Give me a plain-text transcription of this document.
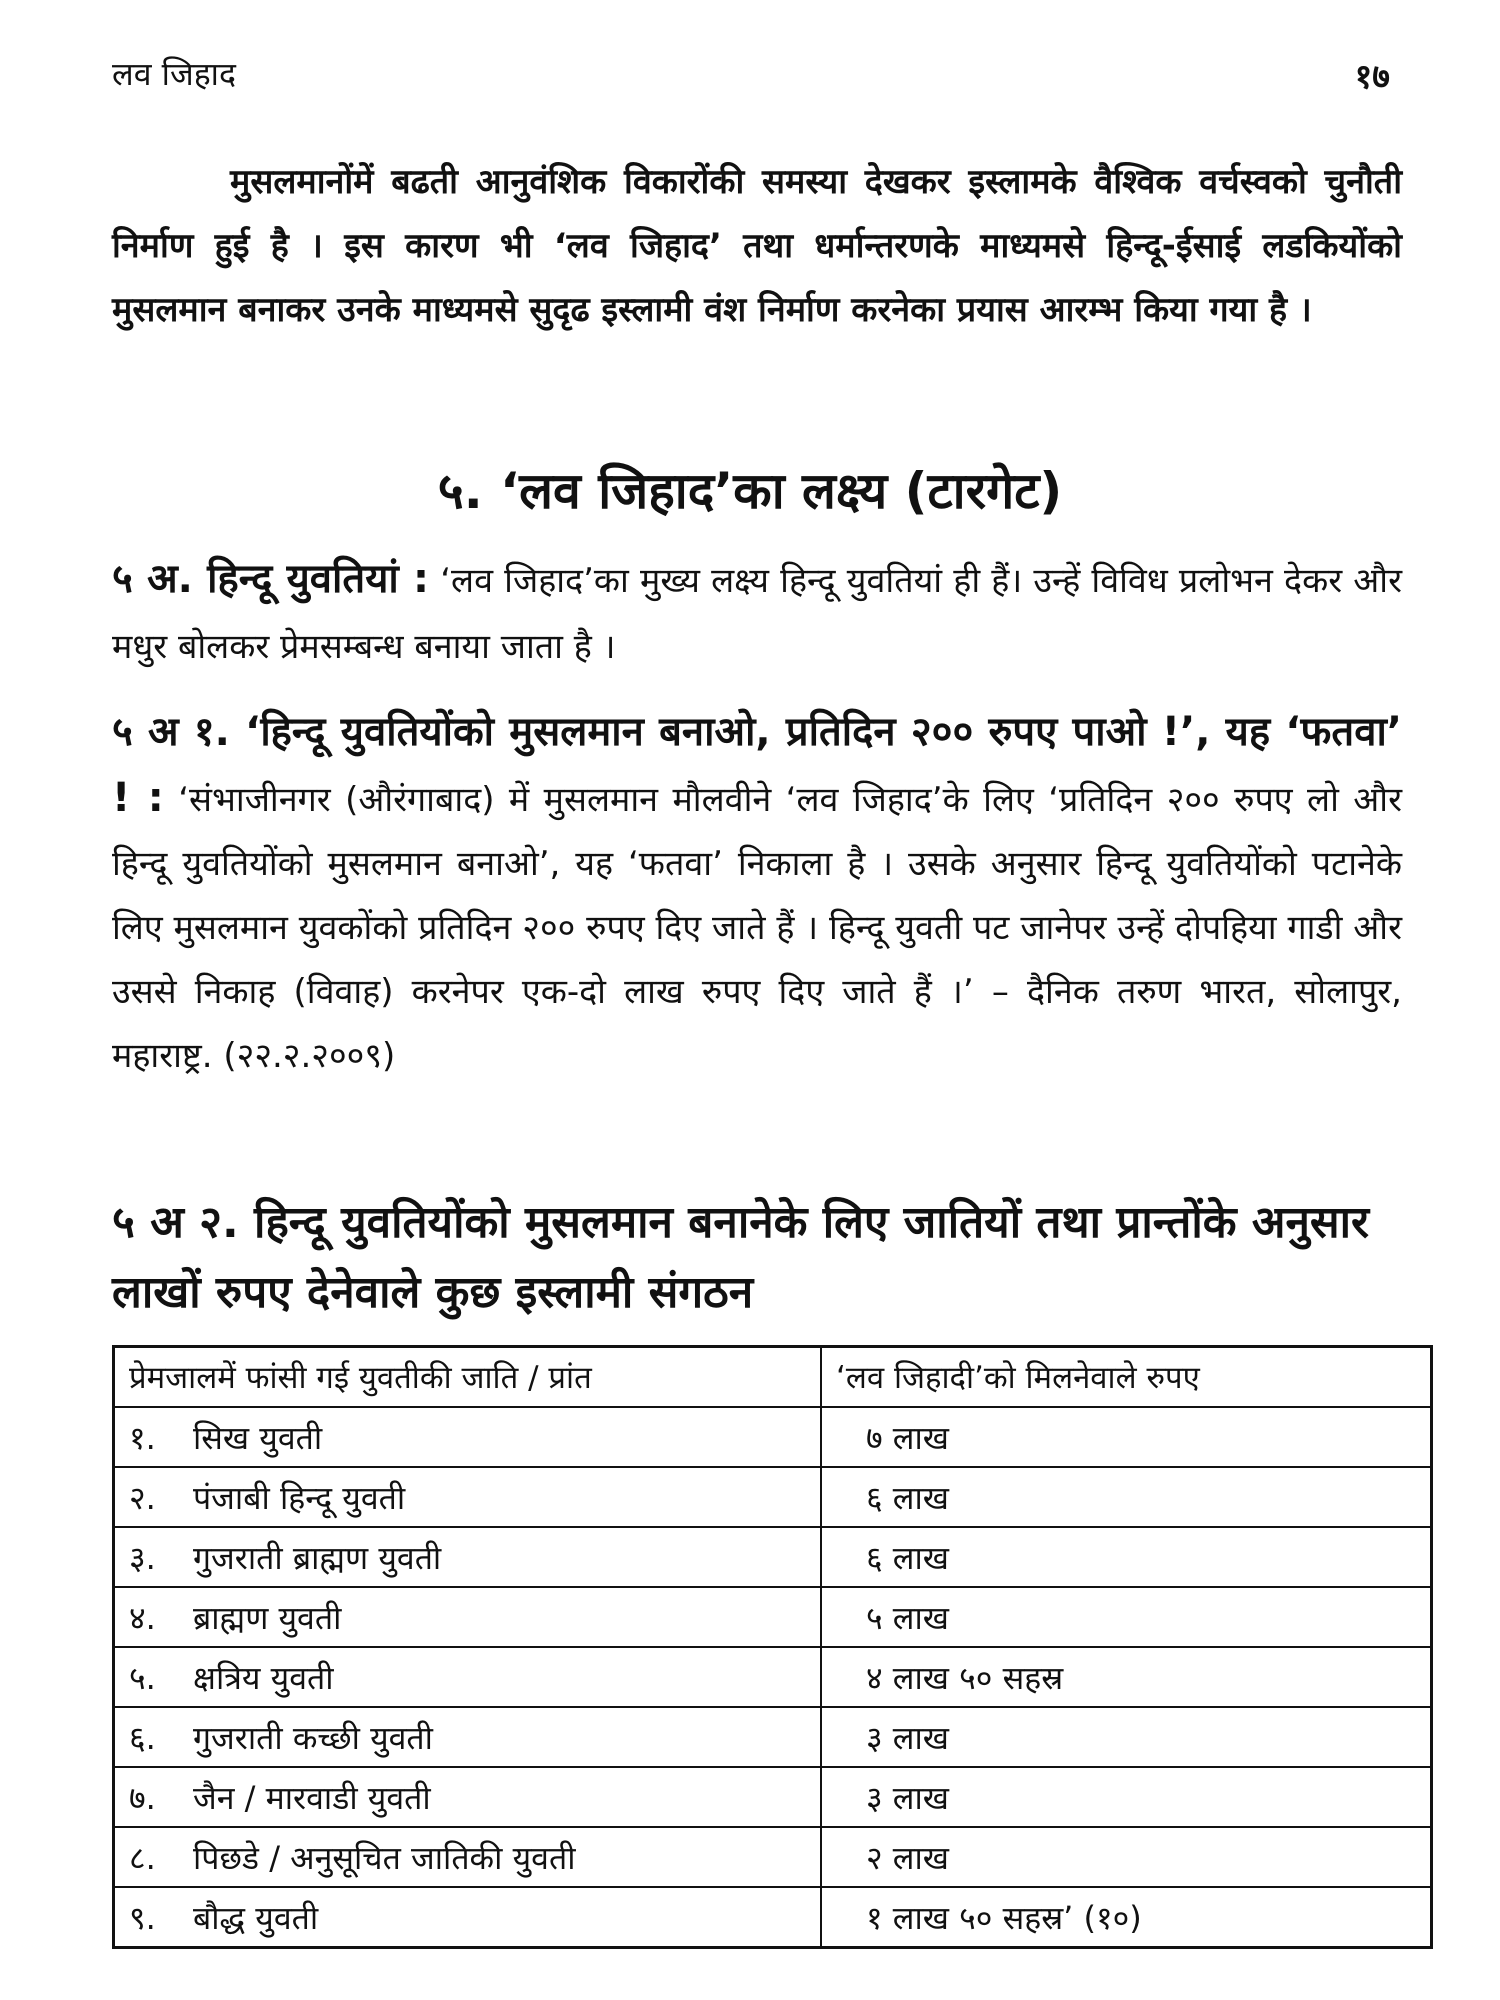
लव जिहाद	१७

मुसलमानोंमें बढती आनुवंशिक विकारोंकी समस्या देखकर इस्लामके वैश्विक वर्चस्वको चुनौती निर्माण हुई है । इस कारण भी ‘लव जिहाद’ तथा धर्मान्तरणके माध्यमसे हिन्दू-ईसाई लडकियोंको मुसलमान बनाकर उनके माध्यमसे सुदृढ इस्लामी वंश निर्माण करनेका प्रयास आरम्भ किया गया है ।

५. ‘लव जिहाद’का लक्ष्य (टारगेट)

५ अ. हिन्दू युवतियां : ‘लव जिहाद’का मुख्य लक्ष्य हिन्दू युवतियां ही हैं। उन्हें विविध प्रलोभन देकर और मधुर बोलकर प्रेमसम्बन्ध बनाया जाता है ।

५ अ १. ‘हिन्दू युवतियोंको मुसलमान बनाओ, प्रतिदिन २०० रुपए पाओ !’, यह ‘फतवा’ ! : ‘संभाजीनगर (औरंगाबाद) में मुसलमान मौलवीने ‘लव जिहाद’के लिए ‘प्रतिदिन २०० रुपए लो और हिन्दू युवतियोंको मुसलमान बनाओ’, यह ‘फतवा’ निकाला है । उसके अनुसार हिन्दू युवतियोंको पटानेके लिए मुसलमान युवकोंको प्रतिदिन २०० रुपए दिए जाते हैं । हिन्दू युवती पट जानेपर उन्हें दोपहिया गाडी और उससे निकाह (विवाह) करनेपर एक-दो लाख रुपए दिए जाते हैं ।’ – दैनिक तरुण भारत, सोलापुर, महाराष्ट्र. (२२.२.२००९)

५ अ २. हिन्दू युवतियोंको मुसलमान बनानेके लिए जातियों तथा प्रान्तोंके अनुसार लाखों रुपए देनेवाले कुछ इस्लामी संगठन
प्रेमजालमें फांसी गई युवतीकी जाति / प्रांत	‘लव जिहादी’को मिलनेवाले रुपए
१. सिख युवती	७ लाख
२. पंजाबी हिन्दू युवती	६ लाख
३. गुजराती ब्राह्मण युवती	६ लाख
४. ब्राह्मण युवती	५ लाख
५. क्षत्रिय युवती	४ लाख ५० सहस्र
६. गुजराती कच्छी युवती	३ लाख
७. जैन / मारवाडी युवती	३ लाख
८. पिछडे / अनुसूचित जातिकी युवती	२ लाख
९. बौद्ध युवती	१ लाख ५० सहस्र’ (१०)
